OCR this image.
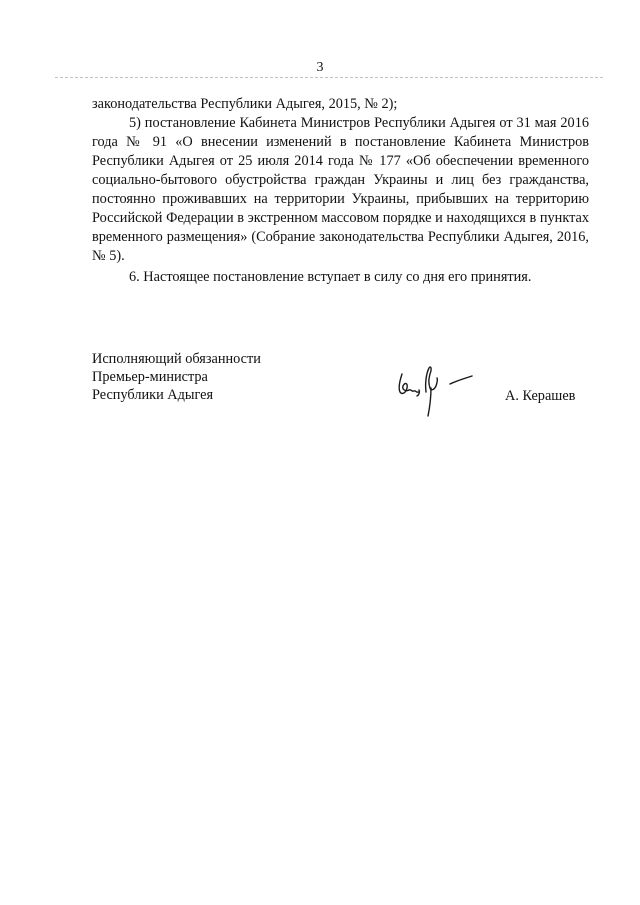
3

законодательства Республики Адыгея, 2015, № 2);

5) постановление Кабинета Министров Республики Адыгея от 31 мая 2016 года № 91 «О внесении изменений в постановление Кабинета Министров Республики Адыгея от 25 июля 2014 года № 177 «Об обеспечении временного социально-бытового обустройства граждан Украины и лиц без гражданства, постоянно проживавших на территории Украины, прибывших на территорию Российской Федерации в экстренном массовом порядке и находящихся в пунктах временного размещения» (Собрание законодательства Республики Адыгея, 2016, № 5).

6. Настоящее постановление вступает в силу со дня его принятия.

Исполняющий обязанности
Премьер-министра
Республики Адыгея	А. Керашев
